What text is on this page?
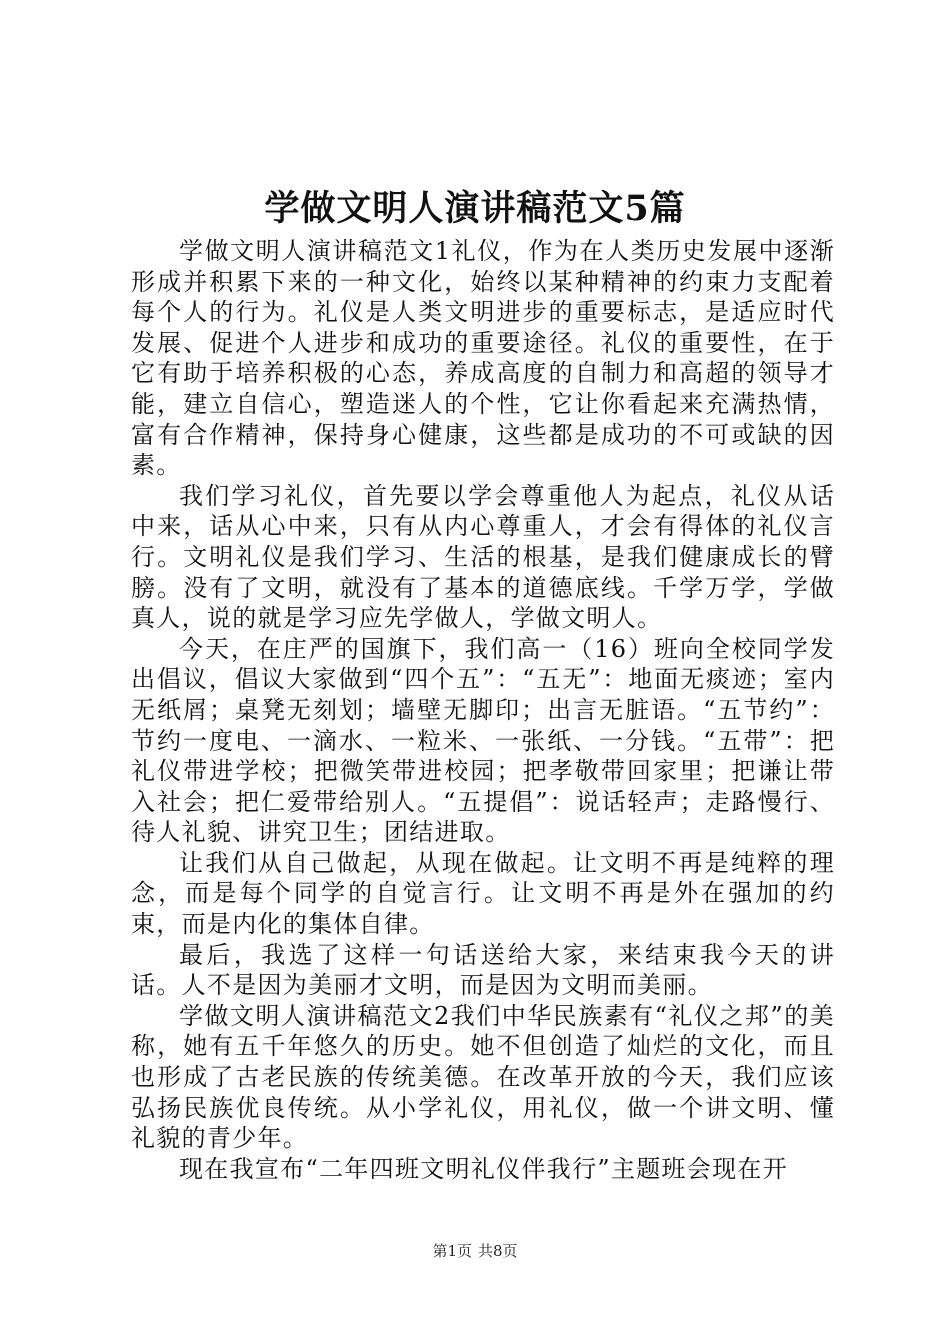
学做文明人演讲稿范文5篇

学做文明人演讲稿范文1礼仪，作为在人类历史发展中逐渐形成并积累下来的一种文化，始终以某种精神的约束力支配着每个人的行为。礼仪是人类文明进步的重要标志，是适应时代发展、促进个人进步和成功的重要途径。礼仪的重要性，在于它有助于培养积极的心态，养成高度的自制力和高超的领导才能，建立自信心，塑造迷人的个性，它让你看起来充满热情，富有合作精神，保持身心健康，这些都是成功的不可或缺的因素。

我们学习礼仪，首先要以学会尊重他人为起点，礼仪从话中来，话从心中来，只有从内心尊重人，才会有得体的礼仪言行。文明礼仪是我们学习、生活的根基，是我们健康成长的臂膀。没有了文明，就没有了基本的道德底线。千学万学，学做真人，说的就是学习应先学做人，学做文明人。

今天，在庄严的国旗下，我们高一（16）班向全校同学发出倡议，倡议大家做到“四个五”：“五无”：地面无痰迹；室内无纸屑；桌凳无刻划；墙壁无脚印；出言无脏语。“五节约”：节约一度电、一滴水、一粒米、一张纸、一分钱。“五带”：把礼仪带进学校；把微笑带进校园；把孝敬带回家里；把谦让带入社会；把仁爱带给别人。“五提倡”：说话轻声；走路慢行、待人礼貌、讲究卫生；团结进取。

让我们从自己做起，从现在做起。让文明不再是纯粹的理念，而是每个同学的自觉言行。让文明不再是外在强加的约束，而是内化的集体自律。

最后，我选了这样一句话送给大家，来结束我今天的讲话。人不是因为美丽才文明，而是因为文明而美丽。

学做文明人演讲稿范文2我们中华民族素有“礼仪之邦”的美称，她有五千年悠久的历史。她不但创造了灿烂的文化，而且也形成了古老民族的传统美德。在改革开放的今天，我们应该弘扬民族优良传统。从小学礼仪，用礼仪，做一个讲文明、懂礼貌的青少年。

现在我宣布“二年四班文明礼仪伴我行”主题班会现在开

第1页 共8页
